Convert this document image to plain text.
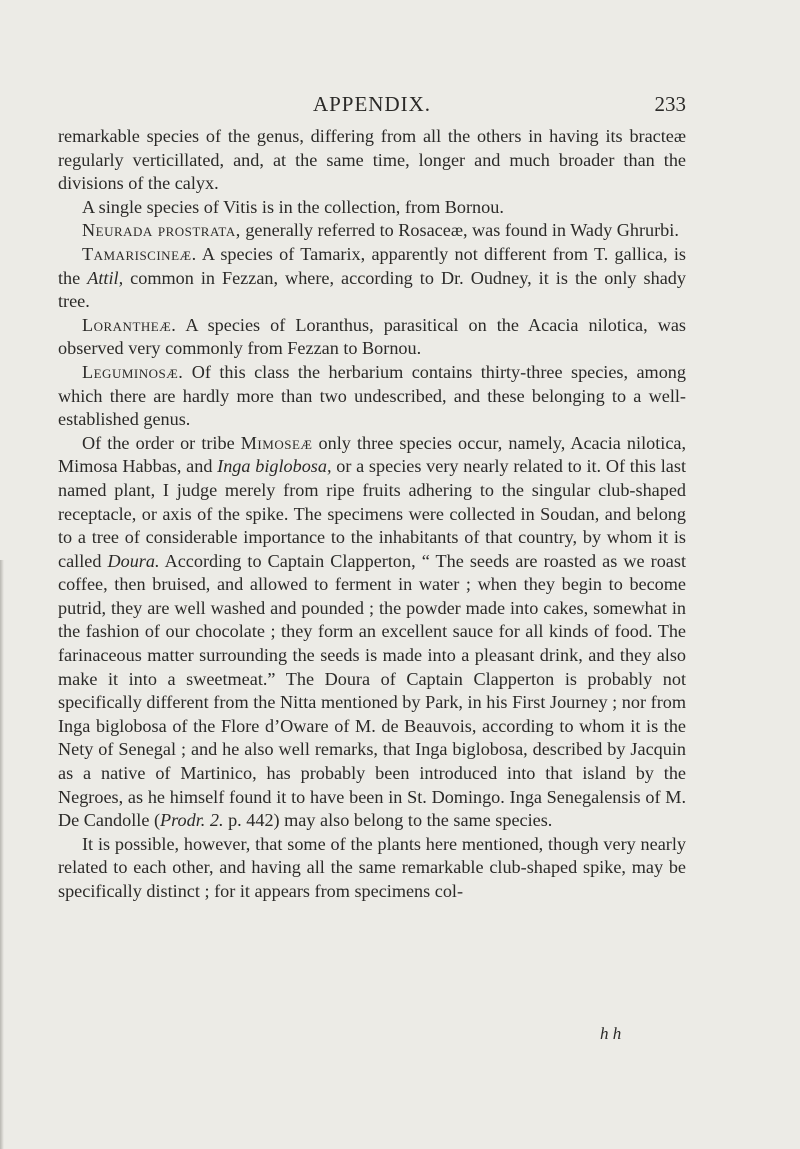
APPENDIX.	233

remarkable species of the genus, differing from all the others in having its bracteæ regularly verticillated, and, at the same time, longer and much broader than the divisions of the calyx.

A single species of Vitis is in the collection, from Bornou.

Neurada prostrata, generally referred to Rosaceæ, was found in Wady Ghrurbi.

Tamariscineæ. A species of Tamarix, apparently not different from T. gallica, is the Attil, common in Fezzan, where, according to Dr. Oudney, it is the only shady tree.

Loranthеæ. A species of Loranthus, parasitical on the Acacia nilotica, was observed very commonly from Fezzan to Bornou.

Leguminosæ. Of this class the herbarium contains thirty-three species, among which there are hardly more than two undescribed, and these belonging to a well-established genus.

Of the order or tribe Mimoseæ only three species occur, namely, Acacia nilotica, Mimosa Habbas, and Inga biglobosa, or a species very nearly related to it. Of this last named plant, I judge merely from ripe fruits adhering to the singular club-shaped receptacle, or axis of the spike. The specimens were collected in Soudan, and belong to a tree of considerable importance to the inhabitants of that country, by whom it is called Doura. According to Captain Clapperton, “ The seeds are roasted as we roast coffee, then bruised, and allowed to ferment in water ; when they begin to become putrid, they are well washed and pounded ; the powder made into cakes, somewhat in the fashion of our chocolate ; they form an excellent sauce for all kinds of food. The farinaceous matter surrounding the seeds is made into a pleasant drink, and they also make it into a sweetmeat.” The Doura of Captain Clapperton is probably not specifically different from the Nitta mentioned by Park, in his First Journey ; nor from Inga biglobosa of the Flore d’Oware of M. de Beauvois, according to whom it is the Nety of Senegal ; and he also well remarks, that Inga biglobosa, described by Jacquin as a native of Martinico, has probably been introduced into that island by the Negroes, as he himself found it to have been in St. Domingo. Inga Senegalensis of M. De Candolle (Prodr. 2. p. 442) may also belong to the same species.

It is possible, however, that some of the plants here mentioned, though very nearly related to each other, and having all the same remarkable club-shaped spike, may be specifically distinct ; for it appears from specimens col-

h h
